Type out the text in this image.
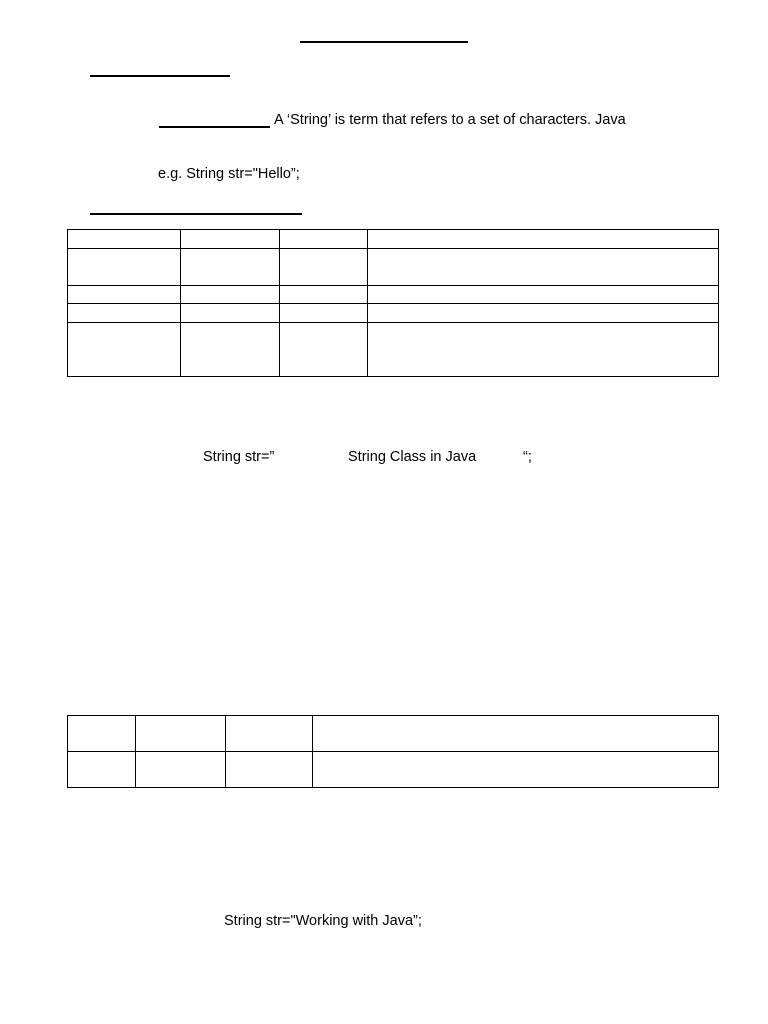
A ‘String’ is term that refers to a set of characters. Java
e.g. String str="Hello”;

String str=”	String Class in Java	“;

String str="Working with Java”;
